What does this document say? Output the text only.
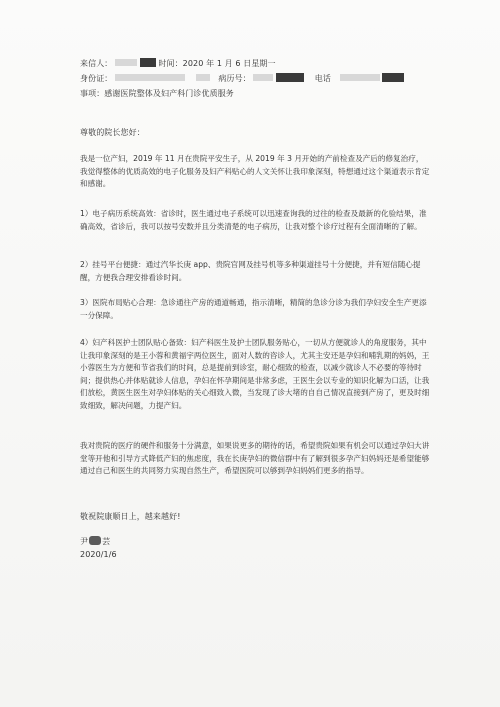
来信人：	时间：2020 年 1 月 6 日星期一
身份证：	病历号：	电话
事项：感谢医院整体及妇产科门诊优质服务
尊敬的院长您好：

我是一位产妇，2019 年 11 月在贵院平安生子，从 2019 年 3 月开始的产前检查及产后的修复治疗，我觉得整体的优质高效的电子化服务及妇产科贴心的人文关怀让我印象深刻，特想通过这个渠道表示肯定和感谢。

1）电子病历系统高效：省诊时，医生通过电子系统可以迅速查询我的过往的检查及最新的化验结果，准确高效，省诊后，我可以按号安数并且分类清楚的电子病历，让我对整个诊疗过程有全面清晰的了解。

2）挂号平台便捷：通过汽华长庚 app、贵院官网及挂号机等多种渠道挂号十分便捷，并有短信随心提醒，方便我合理安排看诊时间。

3）医院布局贴心合理：急诊通往产房的通道畅通，指示清晰，精简的急诊分诊为我们孕妇安全生产更添一分保障。

4）妇产科医护士团队贴心备致：妇产科医生及护士团队服务贴心，一切从方便就诊人的角度服务，其中让我印象深刻的是王小蓉和黄福宇两位医生，面对人数的咨诊人，尤其主安还是孕妇和哺乳期的妈妈，王小蓉医生为方便和节省我们的时间，总是提前到诊室，耐心细致的检查，以减少就诊人不必要的等待时间；提供热心并体贴就诊人信息，孕妇在怀孕期间是非常多虑，王医生会以专业的知识化解为口活，让我们放松，黄医生医生对孕妇体贴的关心细致入微，当发现了诊大堵的自自己情况直接到产房了，更及时细致细致，解决问题，力提产妇。

我对贵院的医疗的硬件和服务十分满意，如果说更多的期待的话，希望贵院如果有机会可以通过孕妇大讲堂等开他和引导方式降低产妇的焦虑度，我在长庚孕妇的微信群中有了解到很多孕产妇妈妈还是希望能够通过自己和医生的共同努力实现自然生产，希望医院可以够到孕妇妈妈们更多的指导。

敬祝院康顺日上，越来越好!
尹 芸
2020/1/6
